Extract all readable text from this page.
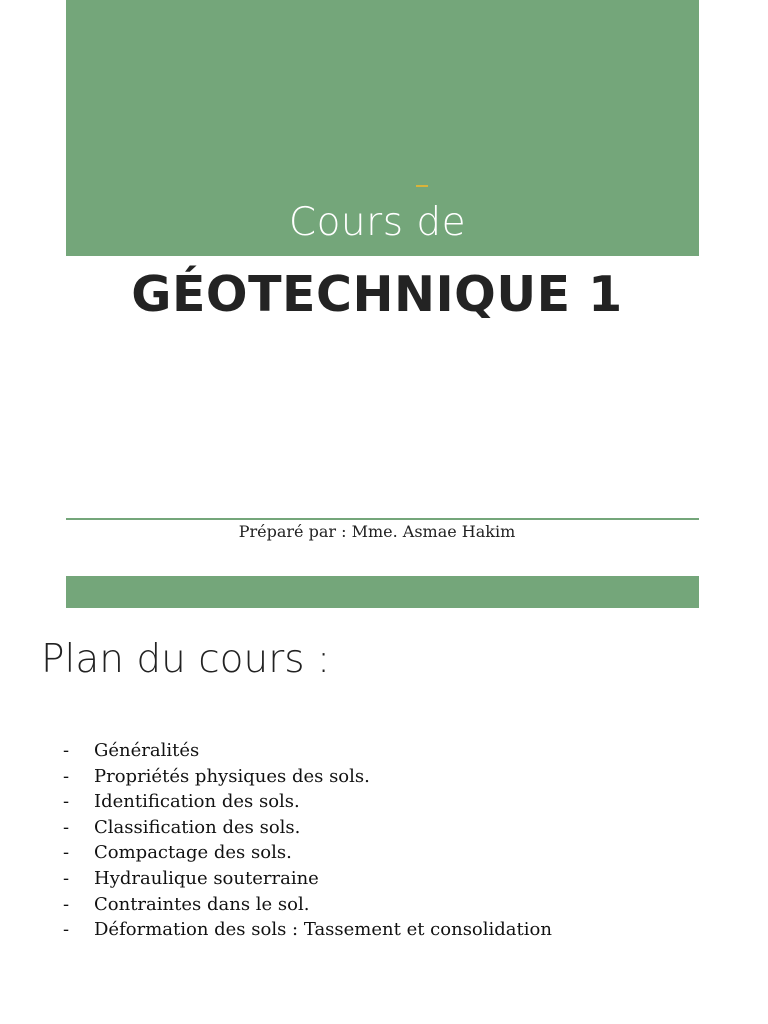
Cours de
GÉOTECHNIQUE 1
Préparé par : Mme. Asmae Hakim
Plan du cours :
- Généralités
- Propriétés physiques des sols.
- Identification des sols.
- Classification des sols.
- Compactage des sols.
- Hydraulique souterraine
- Contraintes dans le sol.
- Déformation des sols : Tassement et consolidation
